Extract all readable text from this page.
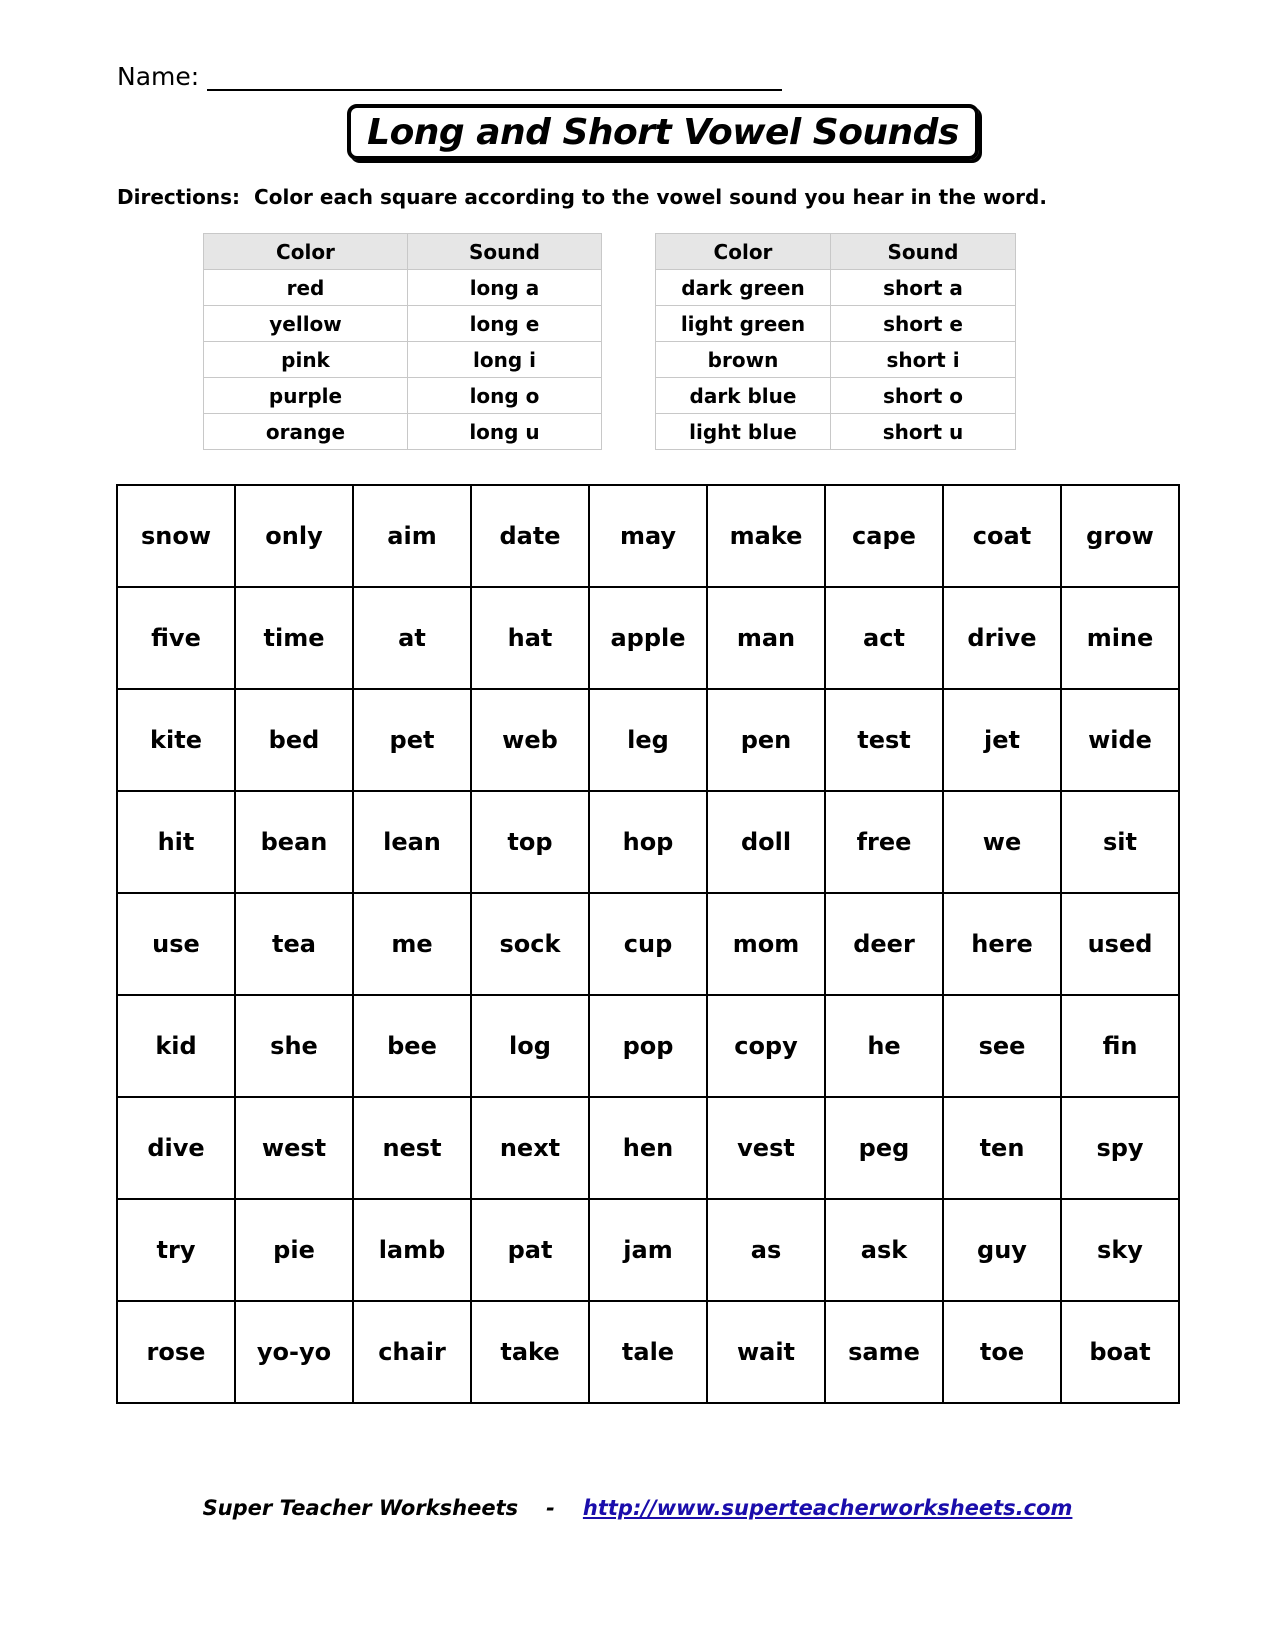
Name:
Long and Short Vowel Sounds
Directions: Color each square according to the vowel sound you hear in the word.
Color	Sound
red	long a
yellow	long e
pink	long i
purple	long o
orange	long u
Color	Sound
dark green	short a
light green	short e
brown	short i
dark blue	short o
light blue	short u
snow	only	aim	date	may	make	cape	coat	grow
five	time	at	hat	apple	man	act	drive	mine
kite	bed	pet	web	leg	pen	test	jet	wide
hit	bean	lean	top	hop	doll	free	we	sit
use	tea	me	sock	cup	mom	deer	here	used
kid	she	bee	log	pop	copy	he	see	fin
dive	west	nest	next	hen	vest	peg	ten	spy
try	pie	lamb	pat	jam	as	ask	guy	sky
rose	yo-yo	chair	take	tale	wait	same	toe	boat
Super Teacher Worksheets - http://www.superteacherworksheets.com
